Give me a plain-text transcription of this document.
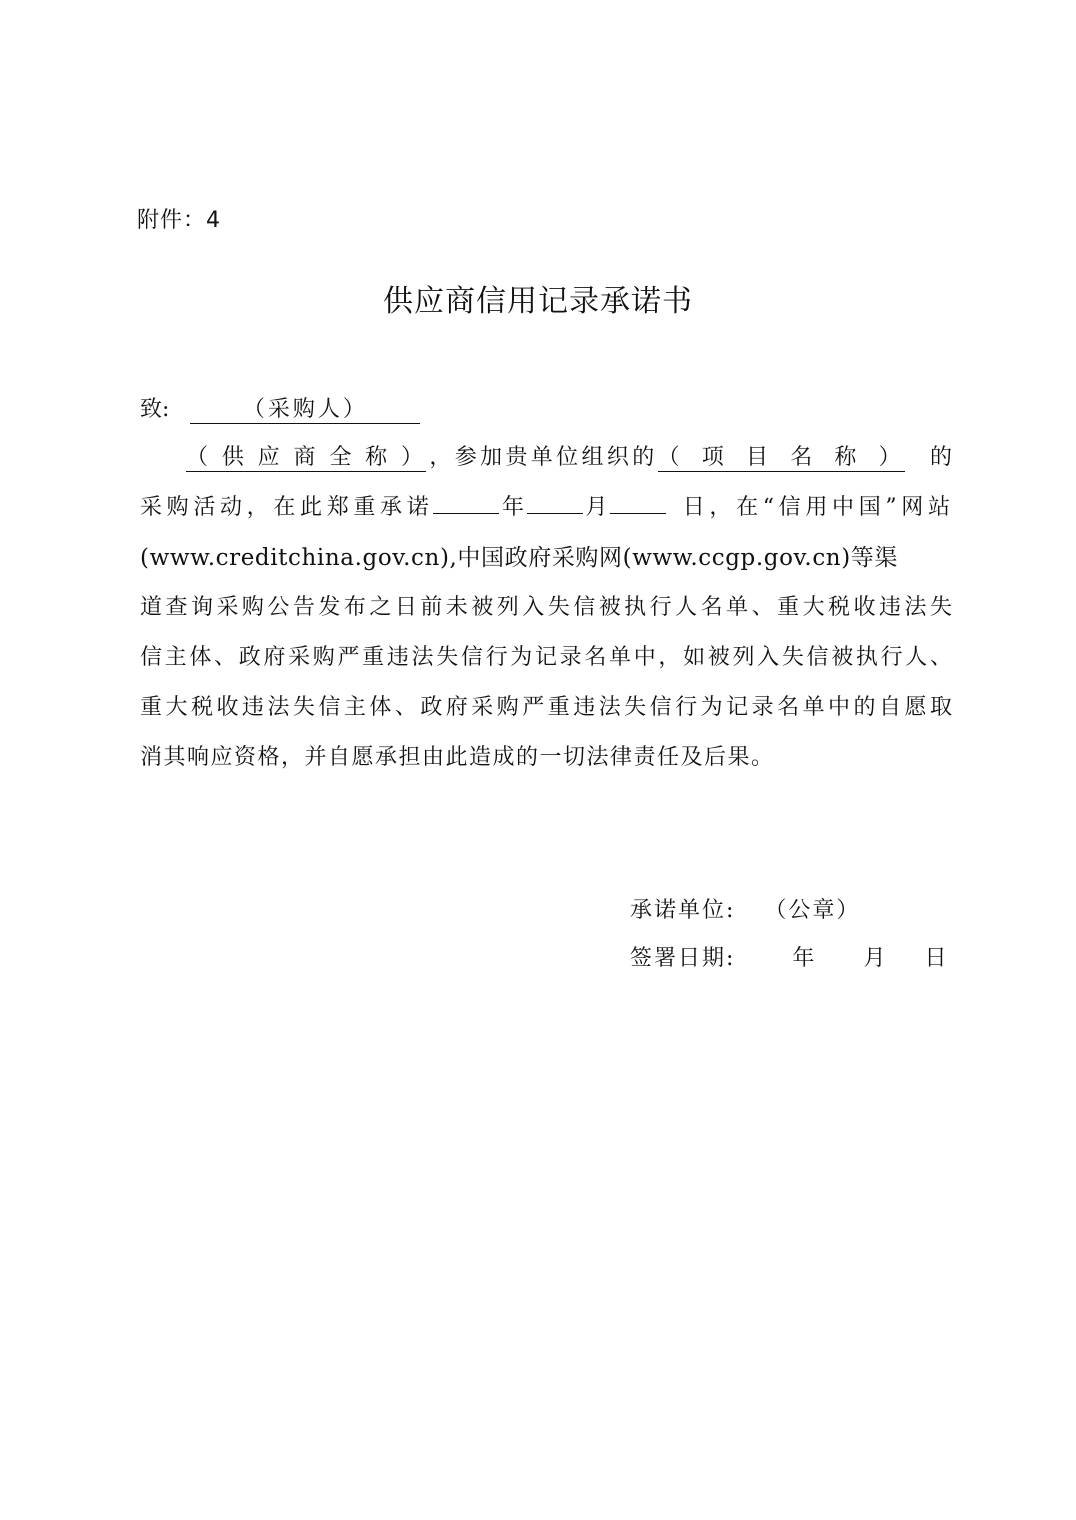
附件：4
供应商信用记录承诺书
致:	（采购人）
（供应商全称），参加贵单位组织的（项目名称） 的
采购活动，在此郑重承诺	年	月	日，在“信用中国”网站
(www.creditchina.gov.cn),中国政府采购网(www.ccgp.gov.cn)等渠
道查询采购公告发布之日前未被列入失信被执行人名单、重大税收违法失
信主体、政府采购严重违法失信行为记录名单中，如被列入失信被执行人、
重大税收违法失信主体、政府采购严重违法失信行为记录名单中的自愿取
消其响应资格，并自愿承担由此造成的一切法律责任及后果。
承诺单位: （公章）
签署日期:	年 月 日
